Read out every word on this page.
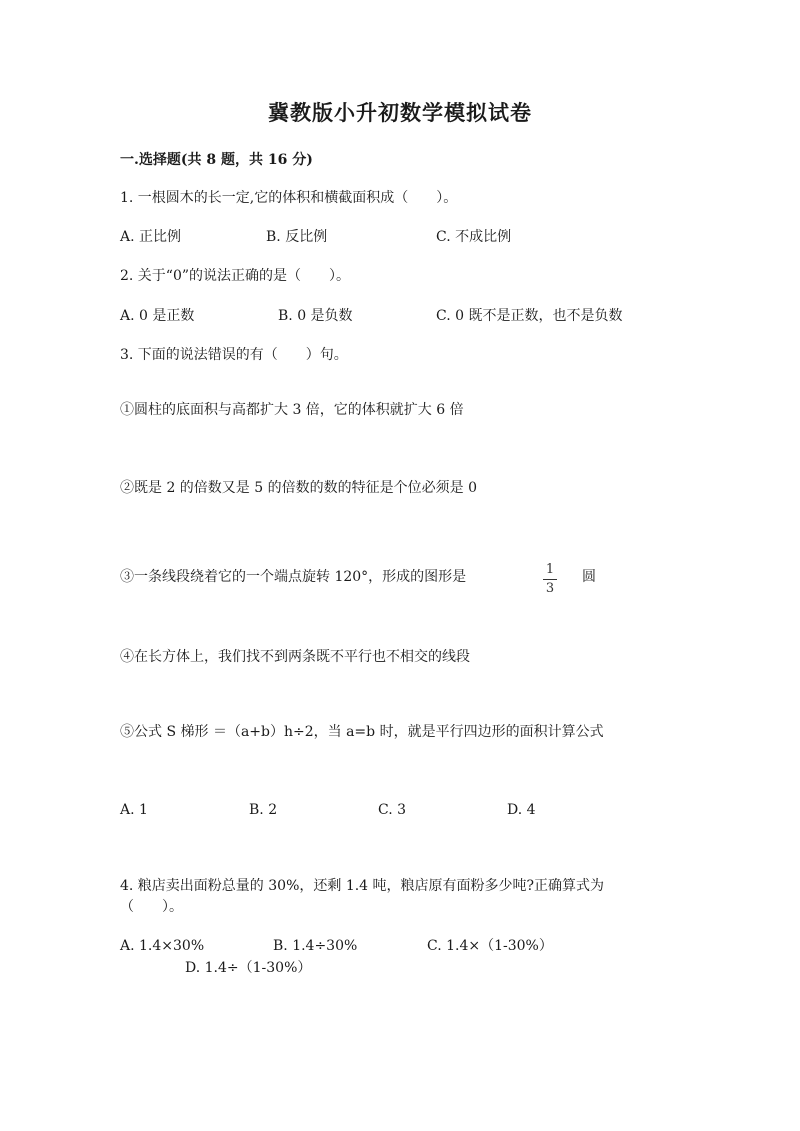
冀教版小升初数学模拟试卷
一.选择题(共 8 题，共 16 分)
1. 一根圆木的长一定,它的体积和横截面积成（　　）。
A. 正比例	B. 反比例	C. 不成比例
2. 关于“0”的说法正确的是（　　）。
A. 0 是正数	B. 0 是负数	C. 0 既不是正数，也不是负数
3. 下面的说法错误的有（　　）句。
①圆柱的底面积与高都扩大 3 倍，它的体积就扩大 6 倍
②既是 2 的倍数又是 5 的倍数的数的特征是个位必须是 0
③一条线段绕着它的一个端点旋转 120°，形成的图形是	1
3
圆
④在长方体上，我们找不到两条既不平行也不相交的线段
⑤公式 S 梯形 ＝（a+b）h÷2，当 a=b 时，就是平行四边形的面积计算公式
A. 1	B. 2	C. 3	D. 4
4. 粮店卖出面粉总量的 30%，还剩 1.4 吨，粮店原有面粉多少吨?正确算式为
（　　）。
A. 1.4×30%	B. 1.4÷30%	C. 1.4×（1-30%）
D. 1.4÷（1-30%）
